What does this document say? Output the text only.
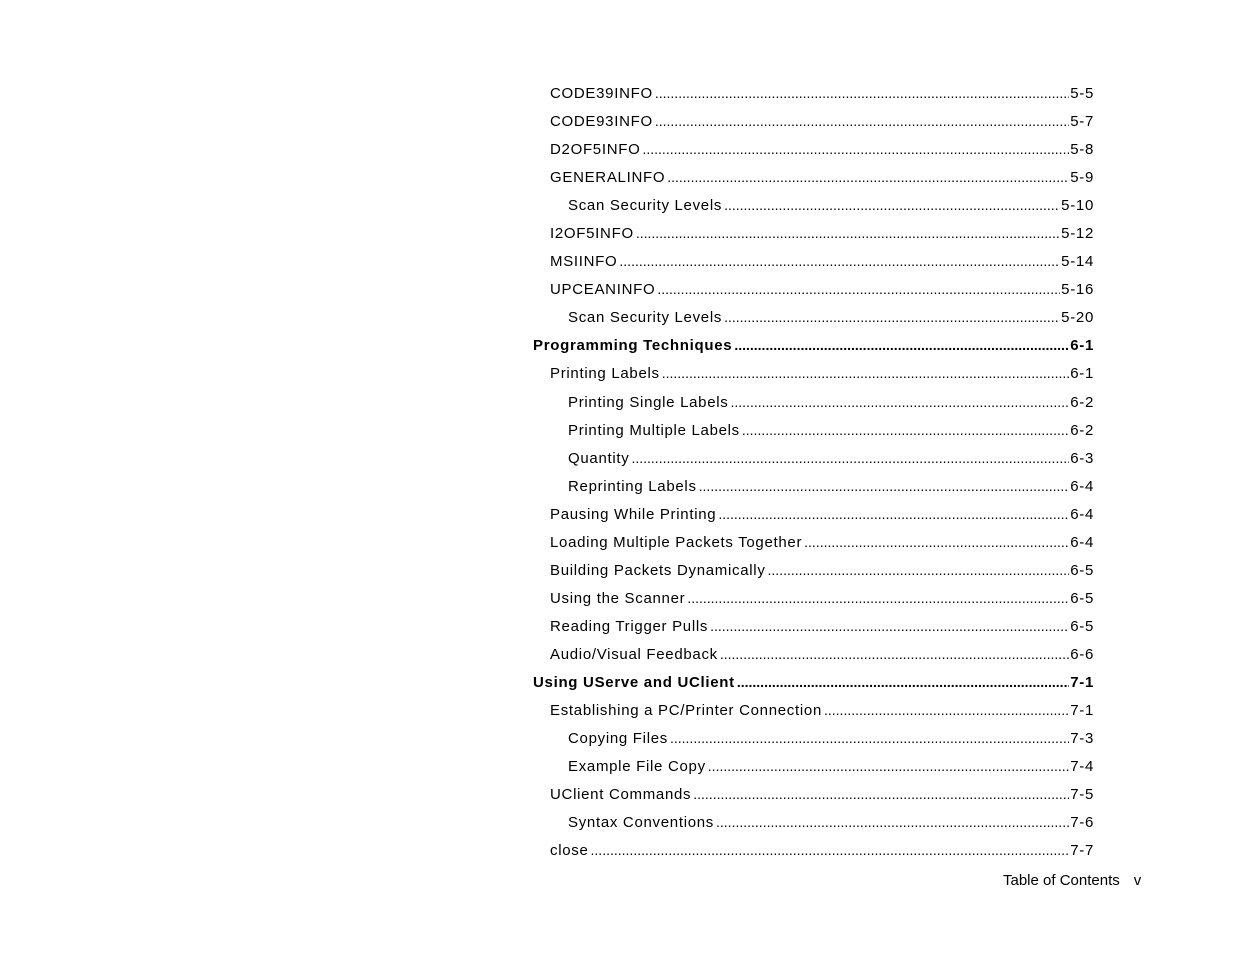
CODE39INFO .....	5-5
CODE93INFO .....	5-7
D2OF5INFO .....	5-8
GENERALINFO .....	5-9
Scan Security Levels .....	5-10
I2OF5INFO .....	5-12
MSIINFO .....	5-14
UPCEANINFO .....	5-16
Scan Security Levels .....	5-20
Programming Techniques .....	6-1
Printing Labels .....	6-1
Printing Single Labels .....	6-2
Printing Multiple Labels .....	6-2
Quantity .....	6-3
Reprinting Labels .....	6-4
Pausing While Printing .....	6-4
Loading Multiple Packets Together .....	6-4
Building Packets Dynamically .....	6-5
Using the Scanner .....	6-5
Reading Trigger Pulls .....	6-5
Audio/Visual Feedback .....	6-6
Using UServe and UClient .....	7-1
Establishing a PC/Printer Connection .....	7-1
Copying Files .....	7-3
Example File Copy .....	7-4
UClient Commands .....	7-5
Syntax Conventions .....	7-6
close .....	7-7
Table of Contents v
